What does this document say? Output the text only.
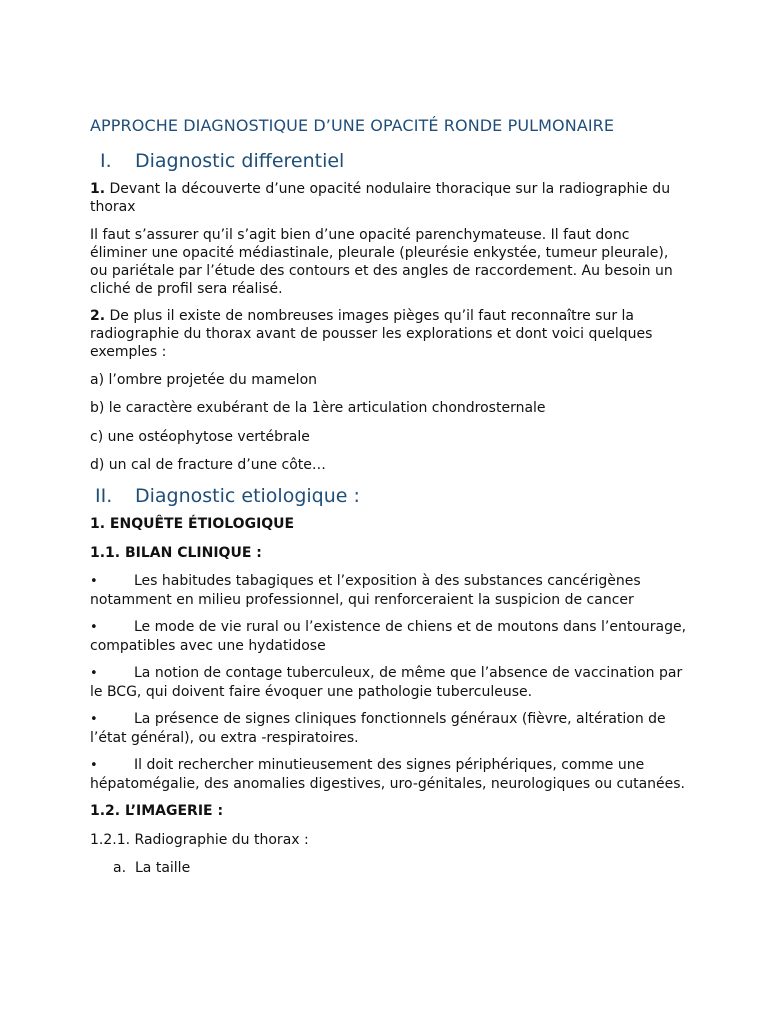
APPROCHE DIAGNOSTIQUE D’UNE OPACITÉ RONDE PULMONAIRE
I. Diagnostic differentiel

1. Devant la découverte d’une opacité nodulaire thoracique sur la radiographie du thorax

Il faut s’assurer qu’il s’agit bien d’une opacité parenchymateuse. Il faut donc éliminer une opacité médiastinale, pleurale (pleurésie enkystée, tumeur pleurale), ou pariétale par l’étude des contours et des angles de raccordement. Au besoin un cliché de profil sera réalisé.

2. De plus il existe de nombreuses images pièges qu’il faut reconnaître sur la radiographie du thorax avant de pousser les explorations et dont voici quelques exemples :

a) l’ombre projetée du mamelon

b) le caractère exubérant de la 1ère articulation chondrosternale

c) une ostéophytose vertébrale

d) un cal de fracture d’une côte…

II. Diagnostic etiologique :

1. ENQUÊTE ÉTIOLOGIQUE

1.1. BILAN CLINIQUE :

•	Les habitudes tabagiques et l’exposition à des substances cancérigènes notamment en milieu professionnel, qui renforceraient la suspicion de cancer

•	Le mode de vie rural ou l’existence de chiens et de moutons dans l’entourage, compatibles avec une hydatidose

•	La notion de contage tuberculeux, de même que l’absence de vaccination par le BCG, qui doivent faire évoquer une pathologie tuberculeuse.

•	La présence de signes cliniques fonctionnels généraux (fièvre, altération de l’état général), ou extra -respiratoires.

•	Il doit rechercher minutieusement des signes périphériques, comme une hépatomégalie, des anomalies digestives, uro-génitales, neurologiques ou cutanées.

1.2. L’IMAGERIE :

1.2.1. Radiographie du thorax :

a. La taille
